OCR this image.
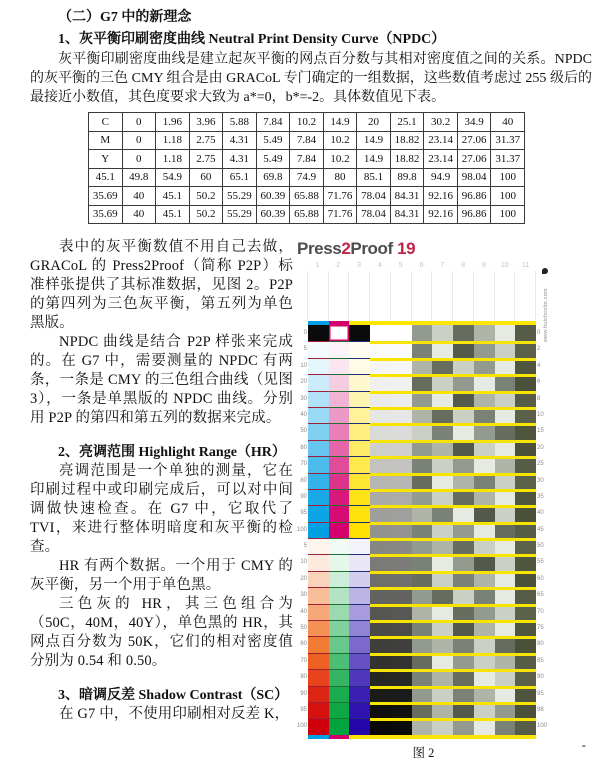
（二）G7 中的新理念
1、灰平衡印刷密度曲线 Neutral Print Density Curve（NPDC）

灰平衡印刷密度曲线是建立起灰平衡的网点百分数与其相对密度值之间的关系。NPDC 的灰平衡的三色 CMY 组合是由 GRACoL 专门确定的一组数据，这些数值考虑过 255 级后的最接近小数值，其色度要求大致为 a*=0，b*=-2。具体数值见下表。

C	0	1.96	3.96	5.88	7.84	10.2	14.9	20	25.1	30.2	34.9	40
M	0	1.18	2.75	4.31	5.49	7.84	10.2	14.9	18.82	23.14	27.06	31.37
Y	0	1.18	2.75	4.31	5.49	7.84	10.2	14.9	18.82	23.14	27.06	31.37
45.1	49.8	54.9	60	65.1	69.8	74.9	80	85.1	89.8	94.9	98.04	100
35.69	40	45.1	50.2	55.29	60.39	65.88	71.76	78.04	84.31	92.16	96.86	100
35.69	40	45.1	50.2	55.29	60.39	65.88	71.76	78.04	84.31	92.16	96.86	100

表中的灰平衡数值不用自己去做，GRACoL 的 Press2Proof（简称 P2P）标准样张提供了其标准数据，见图 2。P2P 的第四列为三色灰平衡，第五列为单色黑版。

NPDC 曲线是结合 P2P 样张来完成的。在 G7 中，需要测量的 NPDC 有两条，一条是 CMY 的三色组合曲线（见图 3），一条是单黑版的 NPDC 曲线。分别用 P2P 的第四和第五列的数据来完成。

2、亮调范围 Highlight Range（HR）

亮调范围是一个单独的测量，它在印刷过程中或印刷完成后，可以对中间调做快速检查。在 G7 中，它取代了 TVI，来进行整体明暗度和灰平衡的检查。

HR 有两个数据。一个用于 CMY 的灰平衡，另一个用于单色黑。

三色灰的 HR，其三色组合为（50C，40M，40Y），单色黑的 HR，其网点百分数为 50K，它们的相对密度值分别为 0.54 和 0.50。

3、暗调反差 Shadow Contrast（SC）

在 G7 中，不使用印刷相对反差 K，

Press2Proof 19
1	2	3	4	5	6	7	8	9	10	11
www.hutchcolor.com
0	0
5	2
10	4
20	6
30	8
40	10
50	15
60	20
70	25
80	30
90	35
95	40
100	45
5	50
10	55
20	60
30	65
40	70
50	75
60	80
70	85
80	90
90	95
95	98
100	100
图 2
-
